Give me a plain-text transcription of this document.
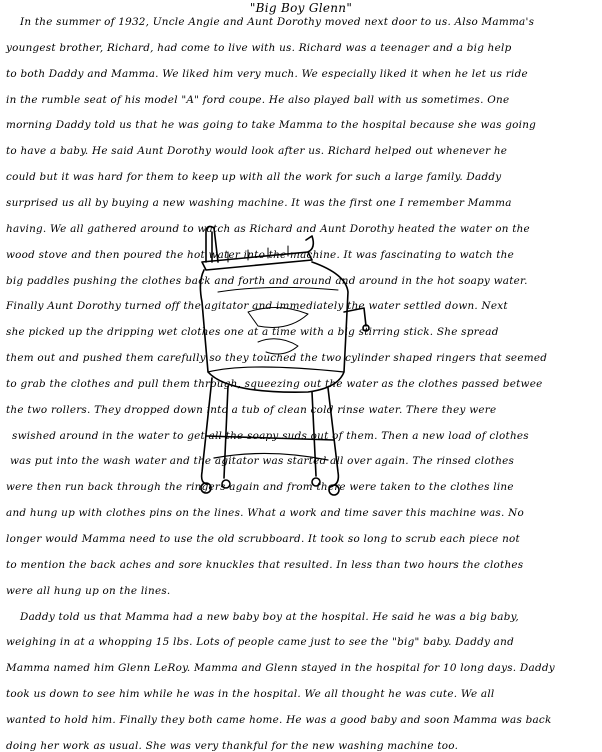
"Big Boy Glenn"
In the summer of 1932, Uncle Angie and Aunt Dorothy moved next door to us. Also Mamma's
youngest brother, Richard, had come to live with us. Richard was a teenager and a big help
to both Daddy and Mamma. We liked him very much. We especially liked it when he let us ride
in the rumble seat of his model "A" ford coupe. He also played ball with us sometimes. One
morning Daddy told us that he was going to take Mamma to the hospital because she was going
to have a baby. He said Aunt Dorothy would look after us. Richard helped out whenever he
could but it was hard for them to keep up with all the work for such a large family. Daddy
surprised us all by buying a new washing machine. It was the first one I remember Mamma
having. We all gathered around to watch as Richard and Aunt Dorothy heated the water on the
wood stove and then poured the hot water into the machine. It was fascinating to watch the
big paddles pushing the clothes back and forth and around and around in the hot soapy water.
Finally Aunt Dorothy turned off the agitator and immediately the water settled down. Next
she picked up the dripping wet clothes one at a time with a big stirring stick. She spread
them out and pushed them carefully so they touched the two cylinder shaped ringers that seemed
to grab the clothes and pull them through, squeezing out the water as the clothes passed betwee
the two rollers. They dropped down into a tub of clean cold rinse water. There they were
swished around in the water to get all the soapy suds out of them. Then a new load of clothes
was put into the wash water and the agitator was started all over again. The rinsed clothes
were then run back through the ringers again and from there were taken to the clothes line
and hung up with clothes pins on the lines. What a work and time saver this machine was. No
longer would Mamma need to use the old scrubboard. It took so long to scrub each piece not
to mention the back aches and sore knuckles that resulted. In less than two hours the clothes
were all hung up on the lines.
Daddy told us that Mamma had a new baby boy at the hospital. He said he was a big baby,
weighing in at a whopping 15 lbs. Lots of people came just to see the "big" baby. Daddy and
Mamma named him Glenn LeRoy. Mamma and Glenn stayed in the hospital for 10 long days. Daddy
took us down to see him while he was in the hospital. We all thought he was cute. We all
wanted to hold him. Finally they both came home. He was a good baby and soon Mamma was back
doing her work as usual. She was very thankful for the new washing machine too.
